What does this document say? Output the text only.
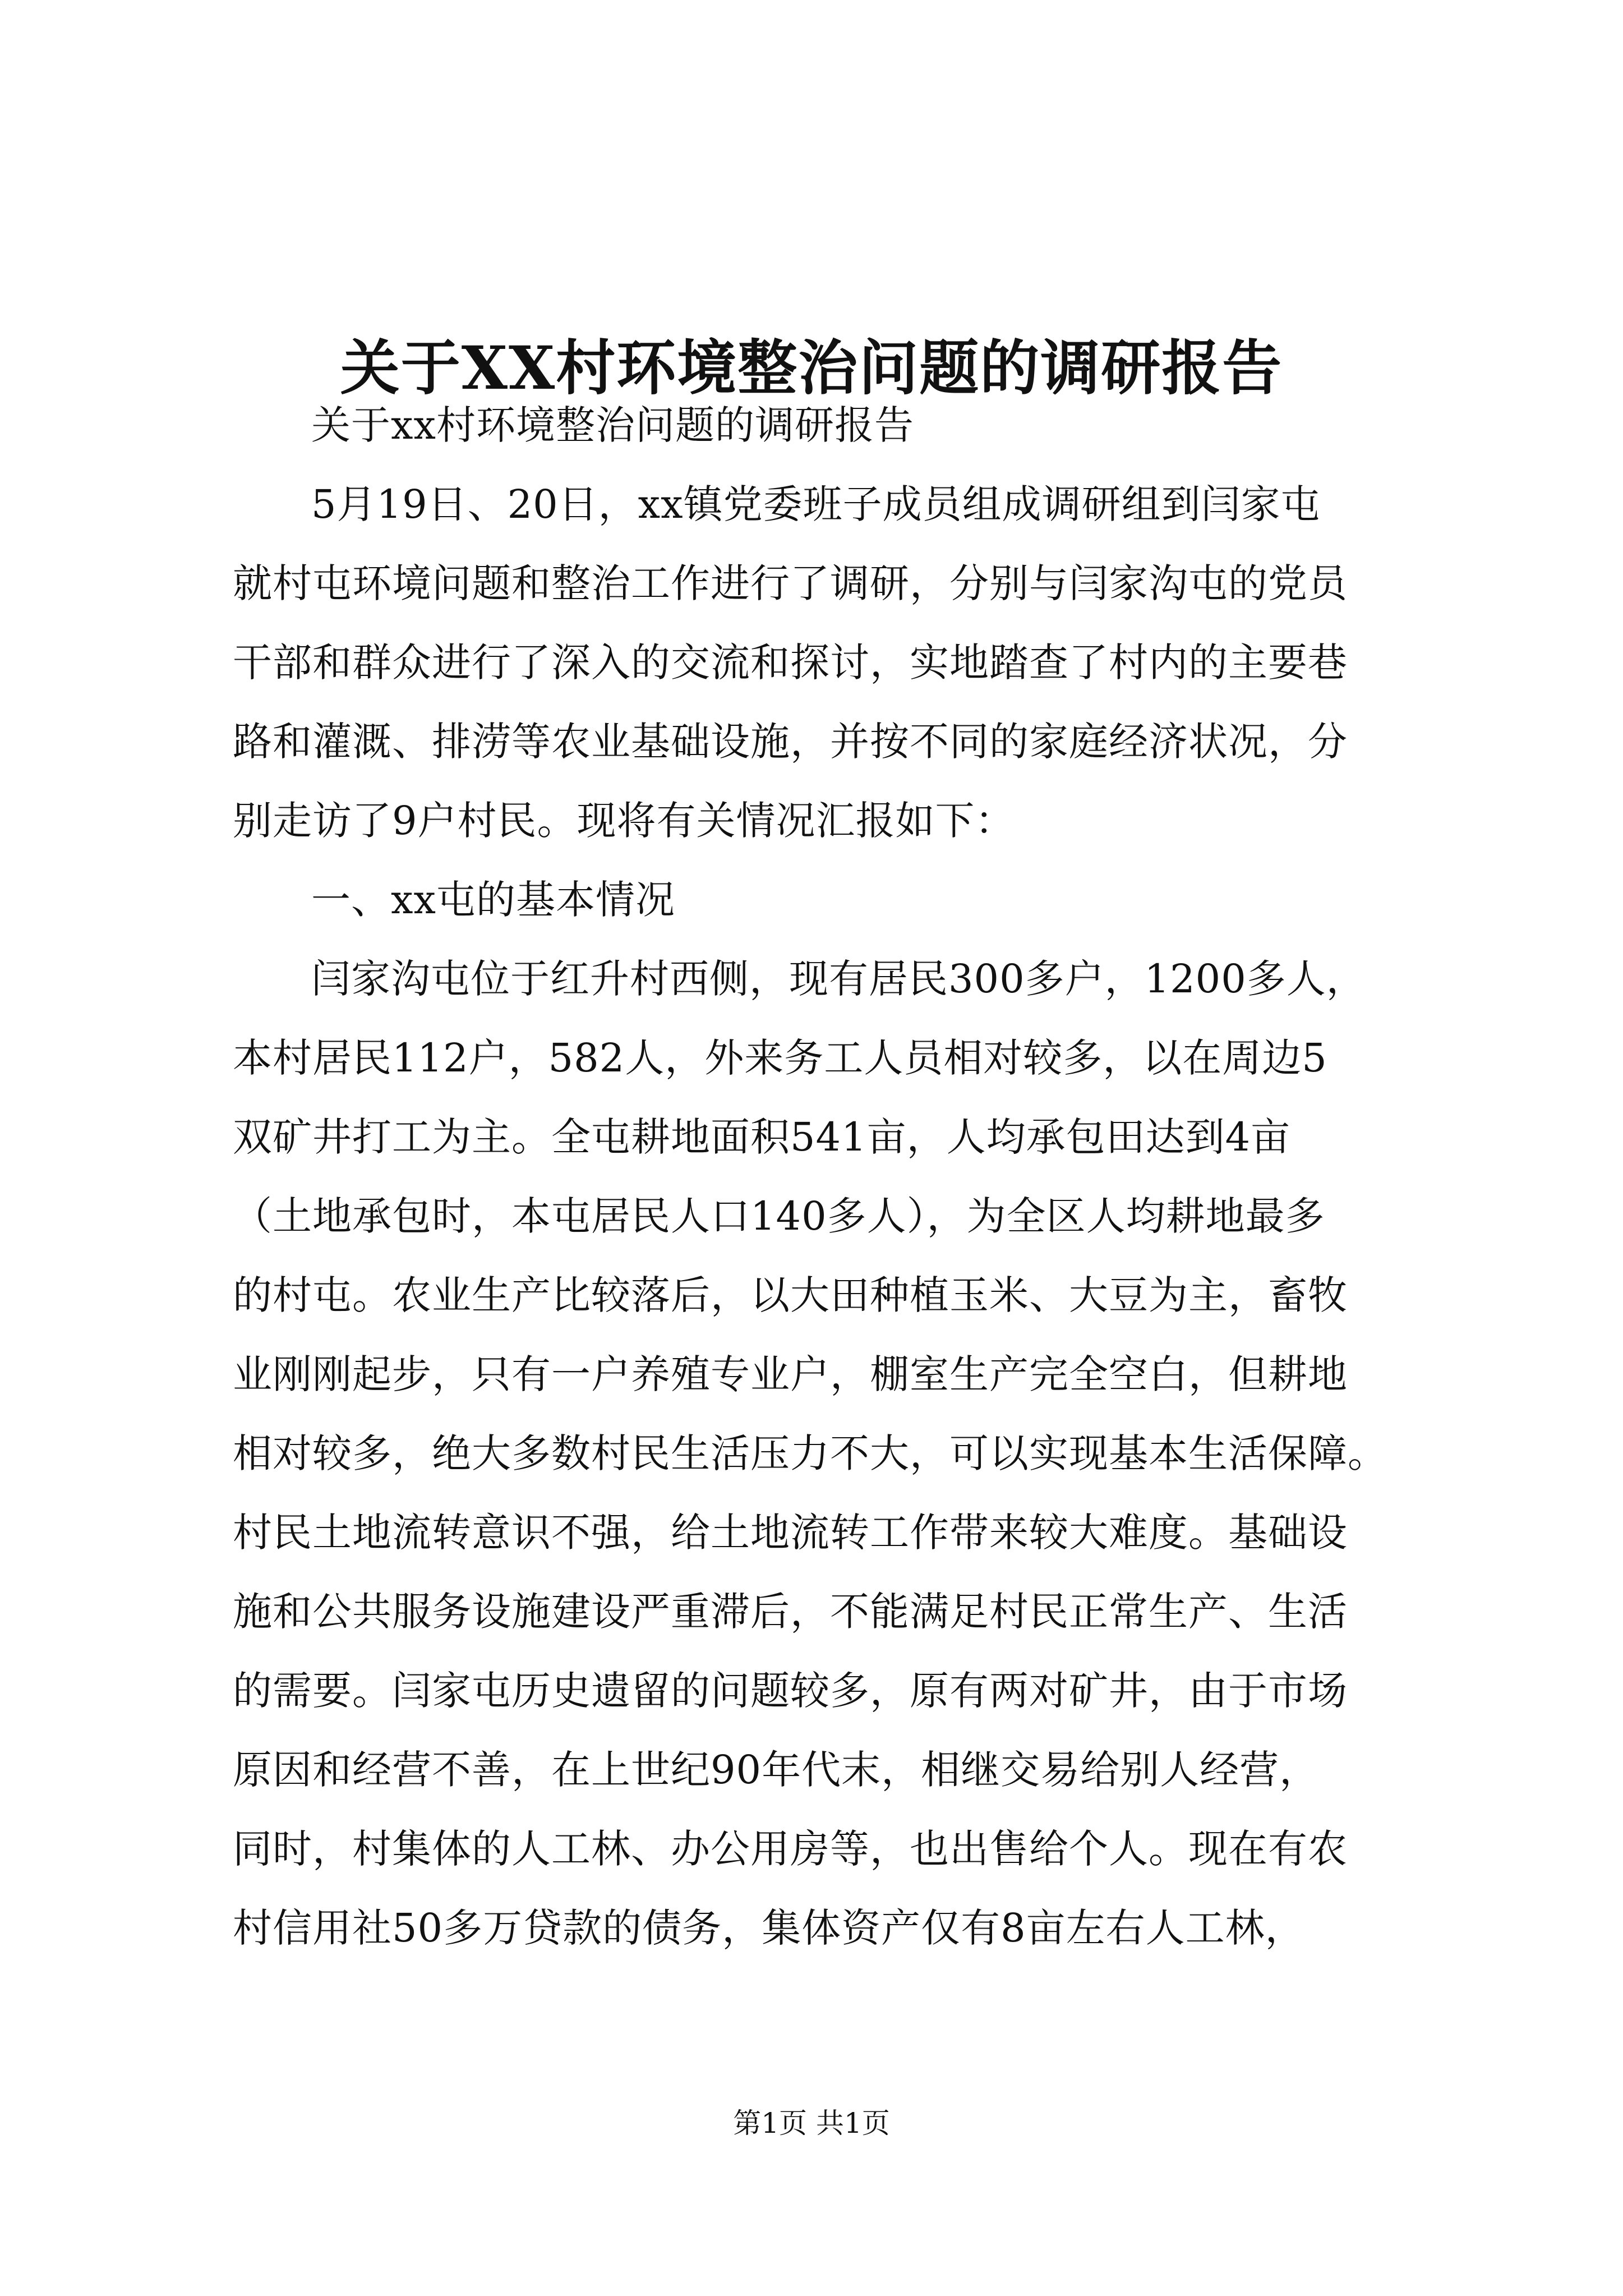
关于XX村环境整治问题的调研报告

关于xx村环境整治问题的调研报告

5月19日、20日，xx镇党委班子成员组成调研组到闫家屯
就村屯环境问题和整治工作进行了调研，分别与闫家沟屯的党员
干部和群众进行了深入的交流和探讨，实地踏查了村内的主要巷
路和灌溉、排涝等农业基础设施，并按不同的家庭经济状况，分
别走访了9户村民。现将有关情况汇报如下：

一、xx屯的基本情况

闫家沟屯位于红升村西侧，现有居民300多户，1200多人，
本村居民112户，582人，外来务工人员相对较多，以在周边5
双矿井打工为主。全屯耕地面积541亩，人均承包田达到4亩
（土地承包时，本屯居民人口140多人），为全区人均耕地最多
的村屯。农业生产比较落后，以大田种植玉米、大豆为主，畜牧
业刚刚起步，只有一户养殖专业户，棚室生产完全空白，但耕地
相对较多，绝大多数村民生活压力不大，可以实现基本生活保障。
村民土地流转意识不强，给土地流转工作带来较大难度。基础设
施和公共服务设施建设严重滞后，不能满足村民正常生产、生活
的需要。闫家屯历史遗留的问题较多，原有两对矿井，由于市场
原因和经营不善，在上世纪90年代末，相继交易给别人经营，
同时，村集体的人工林、办公用房等，也出售给个人。现在有农
村信用社50多万贷款的债务，集体资产仅有8亩左右人工林，

第1页 共1页
